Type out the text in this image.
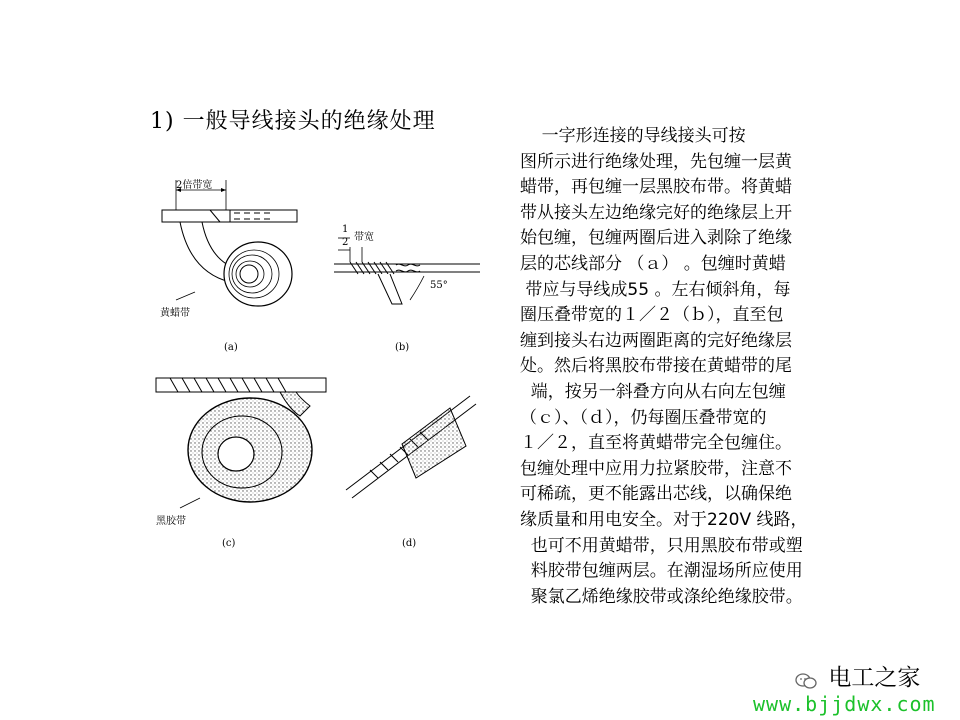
1) 一般导线接头的绝缘处理
一字形连接的导线接头可按
图所示进行绝缘处理，先包缠一层黄
蜡带，再包缠一层黑胶布带。将黄蜡
带从接头左边绝缘完好的绝缘层上开
始包缠，包缠两圈后进入剥除了绝缘
层的芯线部分 （ａ） 。包缠时黄蜡
带应与导线成55 。左右倾斜角，每
圈压叠带宽的１／２（ｂ），直至包
缠到接头右边两圈距离的完好绝缘层
处。然后将黑胶布带接在黄蜡带的尾
端，按另一斜叠方向从右向左包缠
（ｃ）、（ｄ），仍每圈压叠带宽的
１／２，直至将黄蜡带完全包缠住。
包缠处理中应用力拉紧胶带，注意不
可稀疏，更不能露出芯线，以确保绝
缘质量和用电安全。对于220V 线路，
也可不用黄蜡带，只用黑胶布带或塑
料胶带包缠两层。在潮湿场所应使用
聚氯乙烯绝缘胶带或涤纶绝缘胶带。
2倍带宽
黄蜡带
(a)
1
2 带宽
55°
(b)
黑胶带
(c)	(d)
电工之家
www.bjjdwx.com
